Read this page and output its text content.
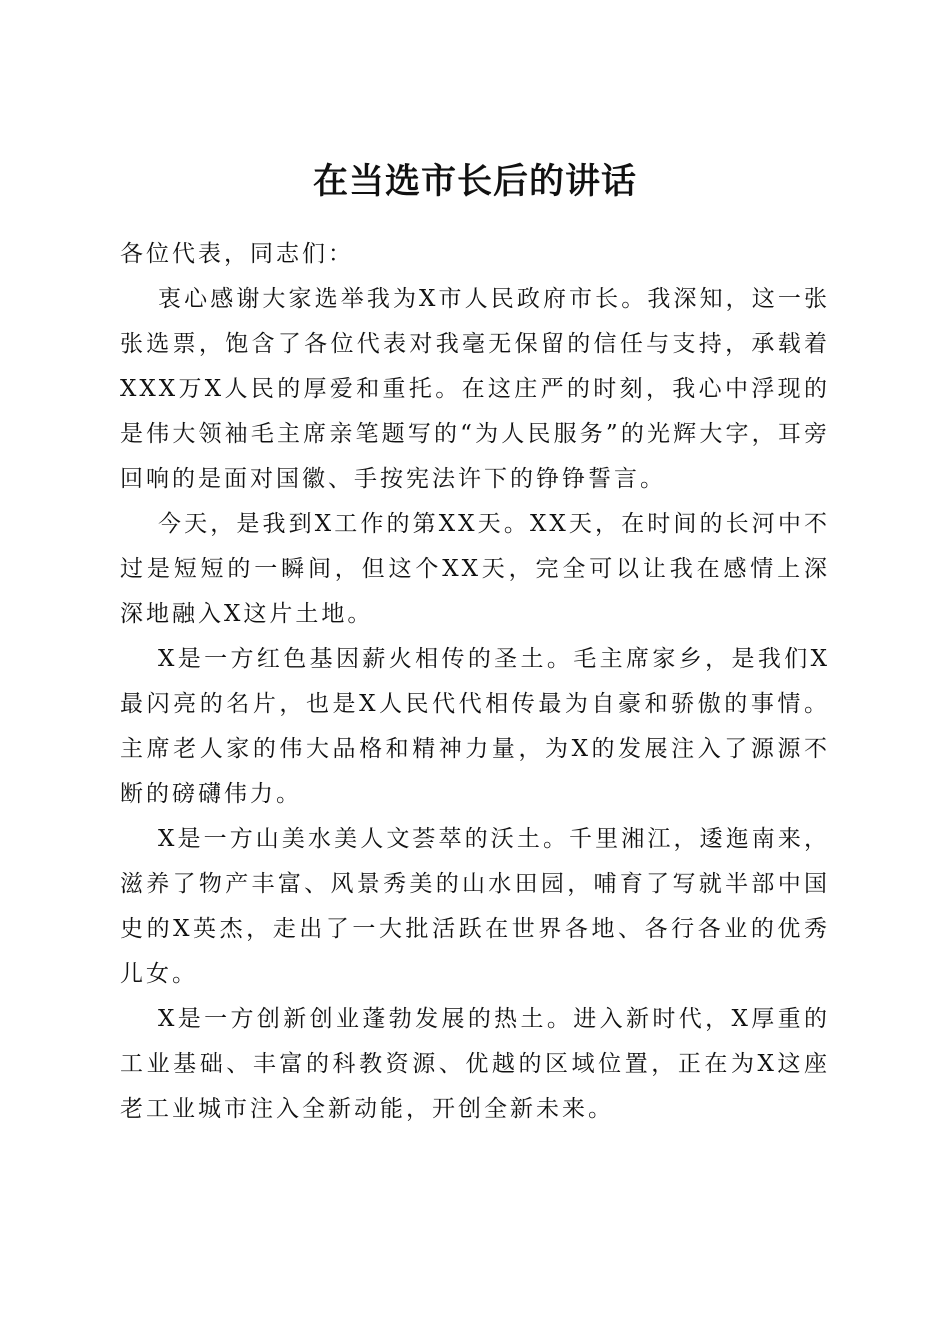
在当选市长后的讲话

各位代表，同志们：

衷心感谢大家选举我为X市人民政府市长。我深知，这一张张选票，饱含了各位代表对我毫无保留的信任与支持，承载着XXX万X人民的厚爱和重托。在这庄严的时刻，我心中浮现的是伟大领袖毛主席亲笔题写的“为人民服务”的光辉大字，耳旁回响的是面对国徽、手按宪法许下的铮铮誓言。

今天，是我到X工作的第XX天。XX天，在时间的长河中不过是短短的一瞬间，但这个XX天，完全可以让我在感情上深深地融入X这片土地。

X是一方红色基因薪火相传的圣土。毛主席家乡，是我们X最闪亮的名片，也是X人民代代相传最为自豪和骄傲的事情。主席老人家的伟大品格和精神力量，为X的发展注入了源源不断的磅礴伟力。

X是一方山美水美人文荟萃的沃土。千里湘江，逶迤南来，滋养了物产丰富、风景秀美的山水田园，哺育了写就半部中国史的X英杰，走出了一大批活跃在世界各地、各行各业的优秀儿女。

X是一方创新创业蓬勃发展的热土。进入新时代，X厚重的工业基础、丰富的科教资源、优越的区域位置，正在为X这座老工业城市注入全新动能，开创全新未来。
